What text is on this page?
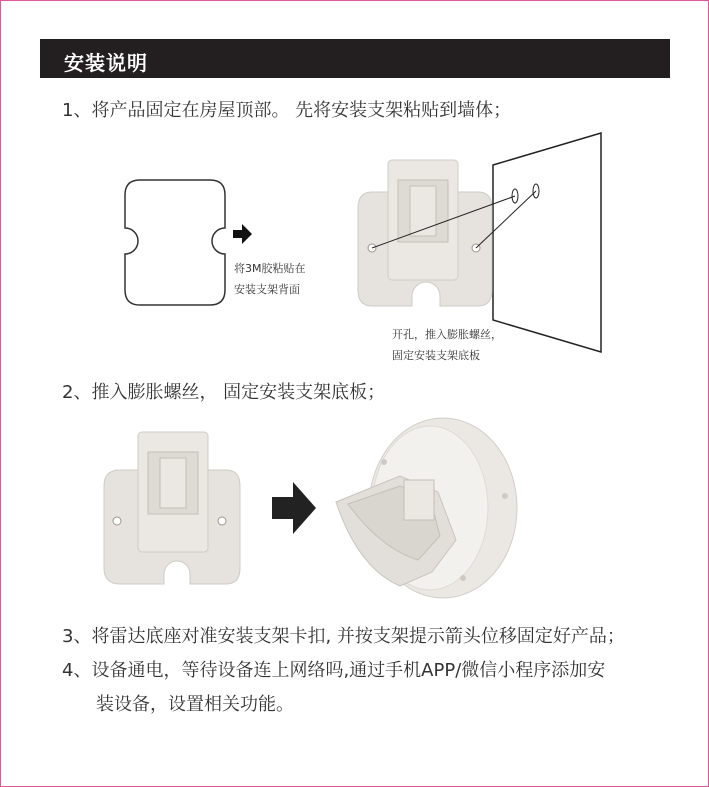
安装说明
1、将产品固定在房屋顶部。 先将安装支架粘贴到墙体；
将3M胶粘贴在
安装支架背面
开孔，推入膨胀螺丝，
固定安装支架底板
2、推入膨胀螺丝， 固定安装支架底板；
3、将雷达底座对准安装支架卡扣, 并按支架提示箭头位移固定好产品；
4、设备通电，等待设备连上网络吗,通过手机APP/微信小程序添加安
装设备，设置相关功能。
